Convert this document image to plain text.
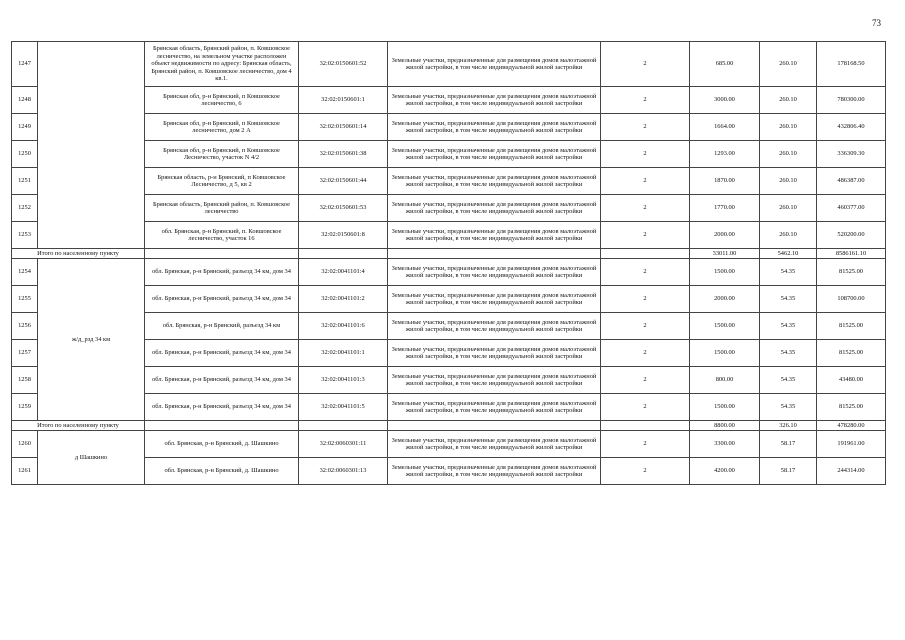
73
1247		Брянская область, Брянский район, п. Ковшовское лесничество, на земельном участке расположен объект недвижимости по адресу: Брянская область, Брянский район, п. Ковшовское лесничество, дом 4 кв.1.	32:02:0150601:52	Земельные участки, предназначенные для размещения домов малоэтажной жилой застройки, в том числе индивидуальной жилой застройки	2	685.00	260.10	178168.50
1248		Брянская обл, р-н Брянский, п Ковшовское лесничество, 6	32:02:0150601:1	Земельные участки, предназначенные для размещения домов малоэтажной жилой застройки, в том числе индивидуальной жилой застройки	2	3000.00	260.10	780300.00
1249		Брянская обл, р-н Брянский, п Ковшовское лесничество, дом 2 А	32:02:0150601:14	Земельные участки, предназначенные для размещения домов малоэтажной жилой застройки, в том числе индивидуальной жилой застройки	2	1664.00	260.10	432806.40
1250		Брянская обл, р-н Брянский, п Ковшовское Лесничество, участок N 4/2	32:02:0150601:38	Земельные участки, предназначенные для размещения домов малоэтажной жилой застройки, в том числе индивидуальной жилой застройки	2	1293.00	260.10	336309.30
1251		Брянская область, р-н Брянский, п Ковшовское Лесничество, д 5, кв 2	32:02:0150601:44	Земельные участки, предназначенные для размещения домов малоэтажной жилой застройки, в том числе индивидуальной жилой застройки	2	1870.00	260.10	486387.00
1252		Брянская область, Брянский район, п. Ковшовское лесничество	32:02:0150601:53	Земельные участки, предназначенные для размещения домов малоэтажной жилой застройки, в том числе индивидуальной жилой застройки	2	1770.00	260.10	460377.00
1253		обл. Брянская, р-н Брянский, п. Ковшовское лесничество, участок 16	32:02:0150601:8	Земельные участки, предназначенные для размещения домов малоэтажной жилой застройки, в том числе индивидуальной жилой застройки	2	2000.00	260.10	520200.00
Итого по населенному пункту						33011.00	5462.10	8586161.10
1254	ж/д_рзд 34 км	обл. Брянская, р-н Брянский, разъезд 34 км, дом 34	32:02:0041101:4	Земельные участки, предназначенные для размещения домов малоэтажной жилой застройки, в том числе индивидуальной жилой застройки	2	1500.00	54.35	81525.00
1255		обл. Брянская, р-н Брянский, разъезд 34 км, дом 34	32:02:0041101:2	Земельные участки, предназначенные для размещения домов малоэтажной жилой застройки, в том числе индивидуальной жилой застройки	2	2000.00	54.35	108700.00
1256		обл. Брянская, р-н Брянский, разъезд 34 км	32:02:0041101:6	Земельные участки, предназначенные для размещения домов малоэтажной жилой застройки, в том числе индивидуальной жилой застройки	2	1500.00	54.35	81525.00
1257		обл. Брянская, р-н Брянский, разъезд 34 км, дом 34	32:02:0041101:1	Земельные участки, предназначенные для размещения домов малоэтажной жилой застройки, в том числе индивидуальной жилой застройки	2	1500.00	54.35	81525.00
1258		обл. Брянская, р-н Брянский, разъезд 34 км, дом 34	32:02:0041101:3	Земельные участки, предназначенные для размещения домов малоэтажной жилой застройки, в том числе индивидуальной жилой застройки	2	800.00	54.35	43480.00
1259		обл. Брянская, р-н Брянский, разъезд 34 км, дом 34	32:02:0041101:5	Земельные участки, предназначенные для размещения домов малоэтажной жилой застройки, в том числе индивидуальной жилой застройки	2	1500.00	54.35	81525.00
Итого по населенному пункту						8800.00	326.10	478280.00
1260	д Шашкино	обл. Брянская, р-н Брянский, д. Шашкино	32:02:0060301:11	Земельные участки, предназначенные для размещения домов малоэтажной жилой застройки, в том числе индивидуальной жилой застройки	2	3300.00	58.17	191961.00
1261		обл. Брянская, р-н Брянский, д. Шашкино	32:02:0060301:13	Земельные участки, предназначенные для размещения домов малоэтажной жилой застройки, в том числе индивидуальной жилой застройки	2	4200.00	58.17	244314.00
